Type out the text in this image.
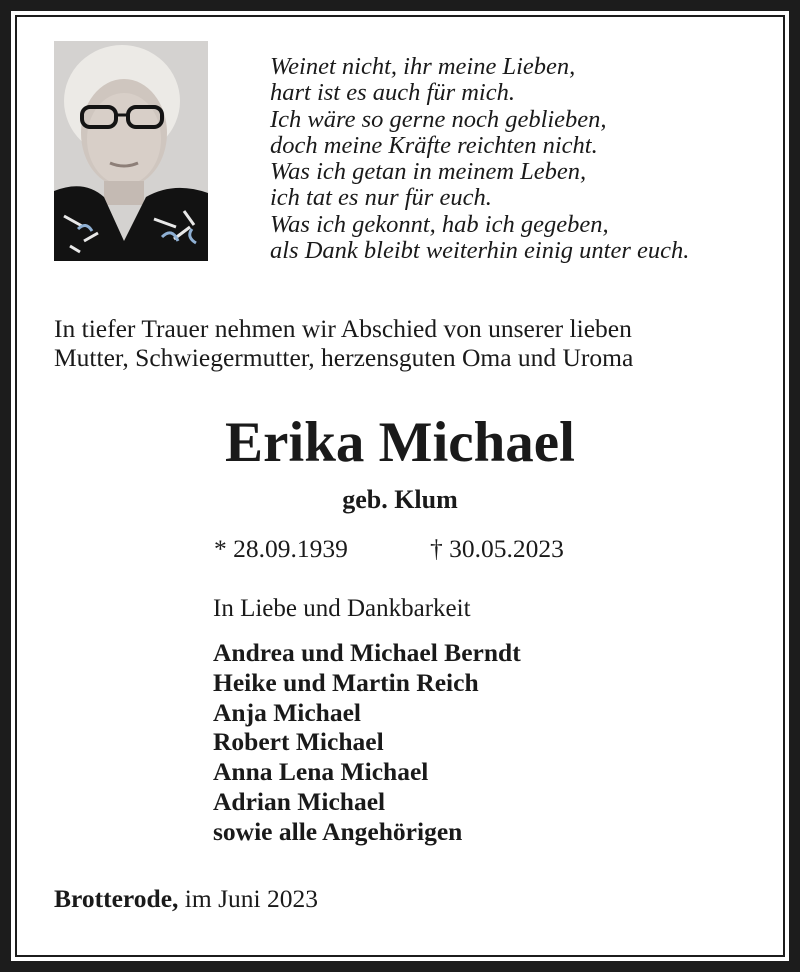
Weinet nicht, ihr meine Lieben,
hart ist es auch für mich.
Ich wäre so gerne noch geblieben,
doch meine Kräfte reichten nicht.
Was ich getan in meinem Leben,
ich tat es nur für euch.
Was ich gekonnt, hab ich gegeben,
als Dank bleibt weiterhin einig unter euch.
In tiefer Trauer nehmen wir Abschied von unserer lieben
Mutter, Schwiegermutter, herzensguten Oma und Uroma
Erika Michael
geb. Klum
* 28.09.1939	† 30.05.2023
In Liebe und Dankbarkeit
Andrea und Michael Berndt
Heike und Martin Reich
Anja Michael
Robert Michael
Anna Lena Michael
Adrian Michael
sowie alle Angehörigen
Brotterode, im Juni 2023
